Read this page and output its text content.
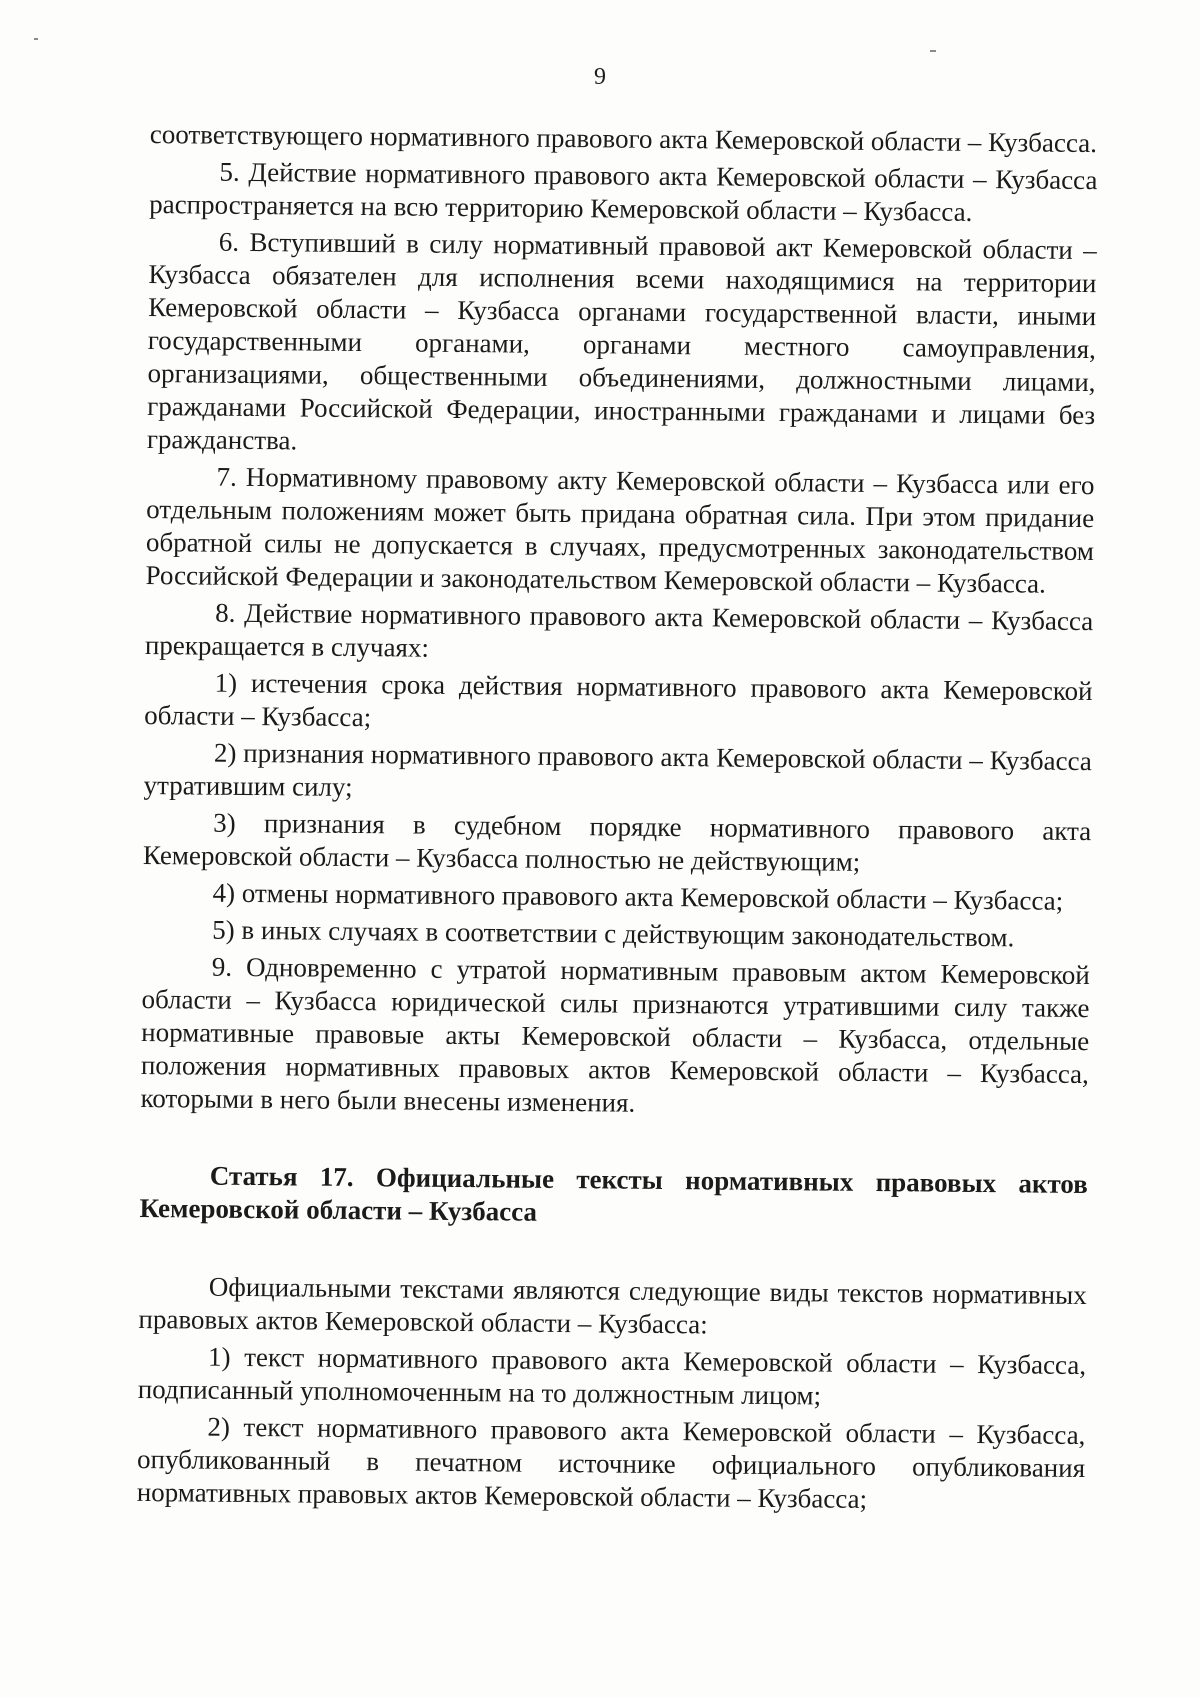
9

соответствующего нормативного правового акта Кемеровской области – Кузбасса.

5. Действие нормативного правового акта Кемеровской области – Кузбасса распространяется на всю территорию Кемеровской области – Кузбасса.

6. Вступивший в силу нормативный правовой акт Кемеровской области – Кузбасса обязателен для исполнения всеми находящимися на территории Кемеровской области – Кузбасса органами государственной власти, иными государственными органами, органами местного самоуправления, организациями, общественными объединениями, должностными лицами, гражданами Российской Федерации, иностранными гражданами и лицами без гражданства.

7. Нормативному правовому акту Кемеровской области – Кузбасса или его отдельным положениям может быть придана обратная сила. При этом придание обратной силы не допускается в случаях, предусмотренных законодательством Российской Федерации и законодательством Кемеровской области – Кузбасса.

8. Действие нормативного правового акта Кемеровской области – Кузбасса прекращается в случаях:

1) истечения срока действия нормативного правового акта Кемеровской области – Кузбасса;

2) признания нормативного правового акта Кемеровской области – Кузбасса утратившим силу;

3) признания в судебном порядке нормативного правового акта Кемеровской области – Кузбасса полностью не действующим;

4) отмены нормативного правового акта Кемеровской области – Кузбасса;

5) в иных случаях в соответствии с действующим законодательством.

9. Одновременно с утратой нормативным правовым актом Кемеровской области – Кузбасса юридической силы признаются утратившими силу также нормативные правовые акты Кемеровской области – Кузбасса, отдельные положения нормативных правовых актов Кемеровской области – Кузбасса, которыми в него были внесены изменения.

Статья 17. Официальные тексты нормативных правовых актов Кемеровской области – Кузбасса

Официальными текстами являются следующие виды текстов нормативных правовых актов Кемеровской области – Кузбасса:

1) текст нормативного правового акта Кемеровской области – Кузбасса, подписанный уполномоченным на то должностным лицом;

2) текст нормативного правового акта Кемеровской области – Кузбасса, опубликованный в печатном источнике официального опубликования нормативных правовых актов Кемеровской области – Кузбасса;
